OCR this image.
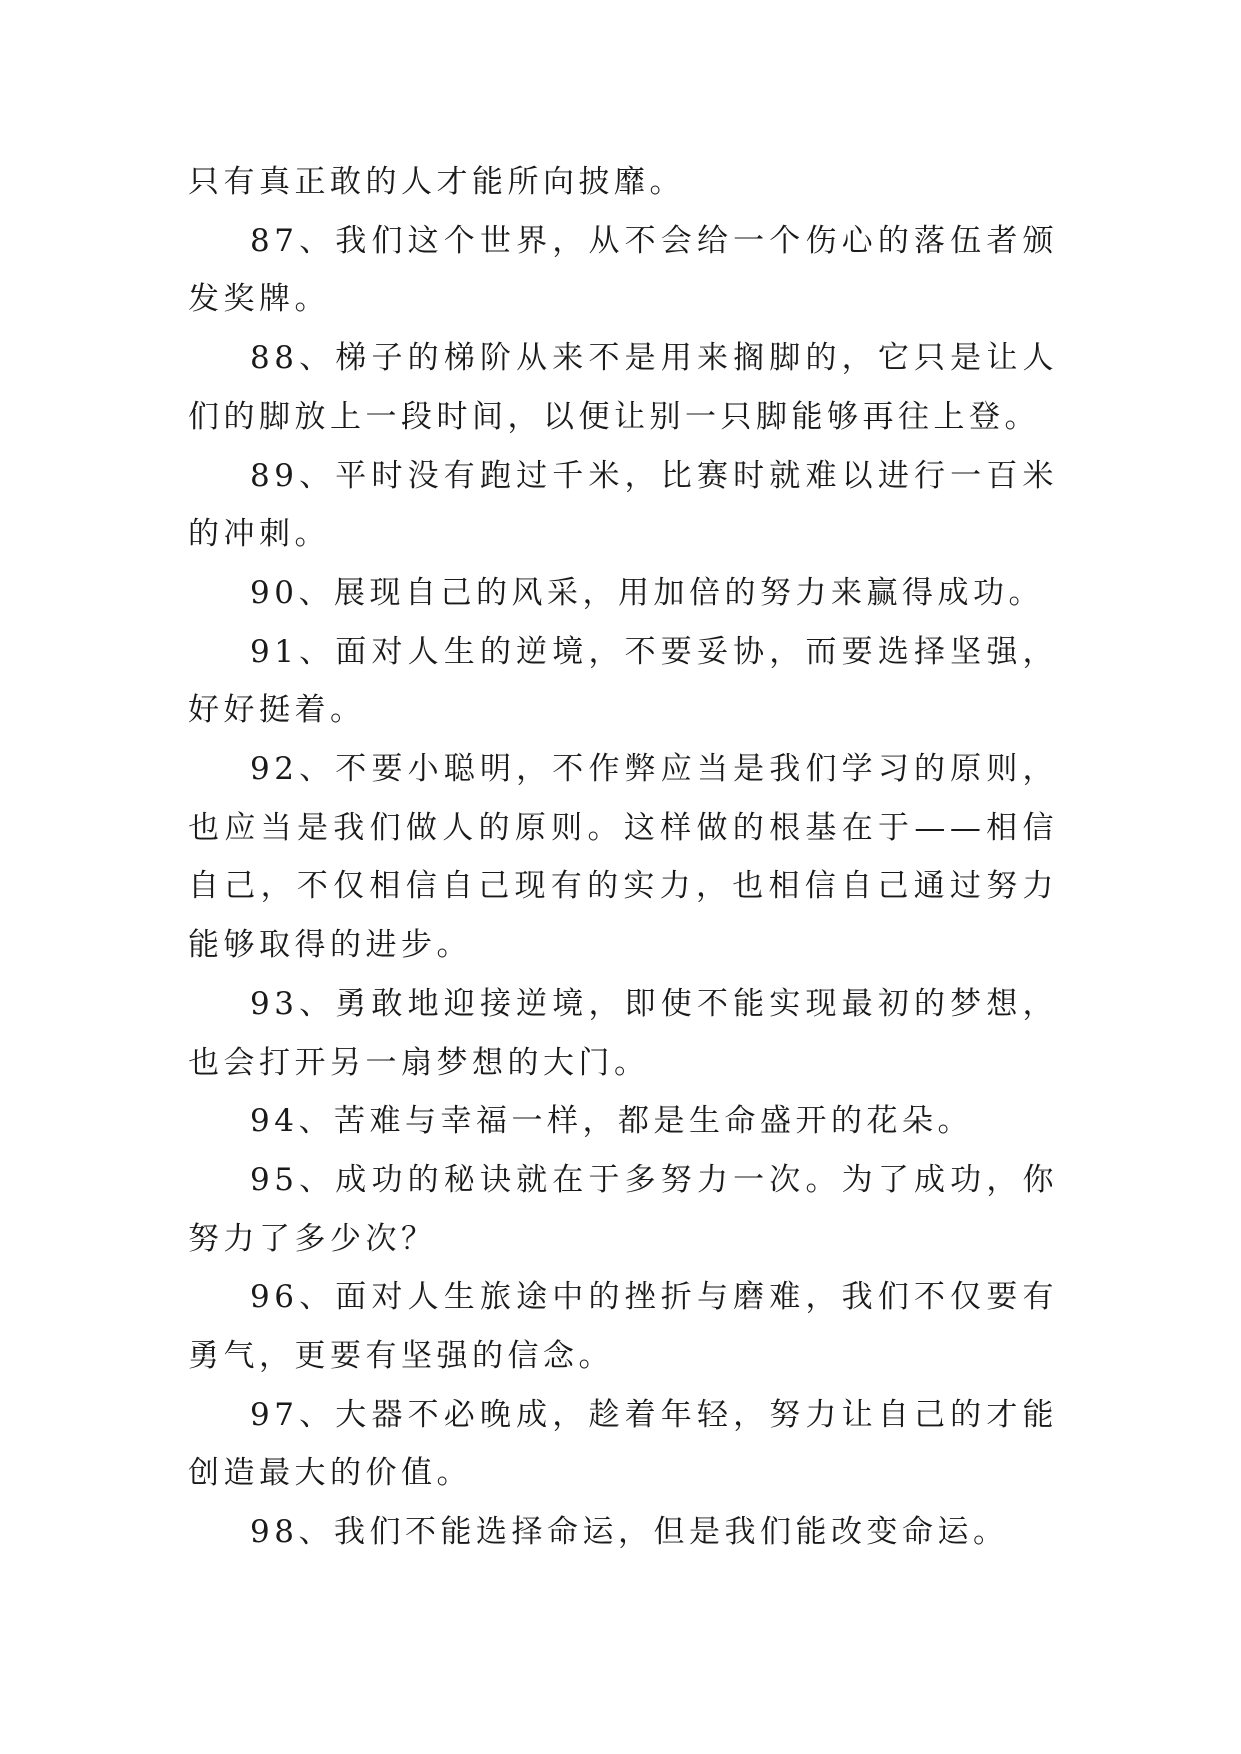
只有真正敢的人才能所向披靡。

87、我们这个世界，从不会给一个伤心的落伍者颁发奖牌。

88、梯子的梯阶从来不是用来搁脚的，它只是让人们的脚放上一段时间，以便让别一只脚能够再往上登。

89、平时没有跑过千米，比赛时就难以进行一百米的冲刺。

90、展现自己的风采，用加倍的努力来赢得成功。

91、面对人生的逆境，不要妥协，而要选择坚强，好好挺着。

92、不要小聪明，不作弊应当是我们学习的原则，也应当是我们做人的原则。这样做的根基在于——相信自己，不仅相信自己现有的实力，也相信自己通过努力能够取得的进步。

93、勇敢地迎接逆境，即使不能实现最初的梦想，也会打开另一扇梦想的大门。

94、苦难与幸福一样，都是生命盛开的花朵。

95、成功的秘诀就在于多努力一次。为了成功，你努力了多少次？

96、面对人生旅途中的挫折与磨难，我们不仅要有勇气，更要有坚强的信念。

97、大器不必晚成，趁着年轻，努力让自己的才能创造最大的价值。

98、我们不能选择命运，但是我们能改变命运。
